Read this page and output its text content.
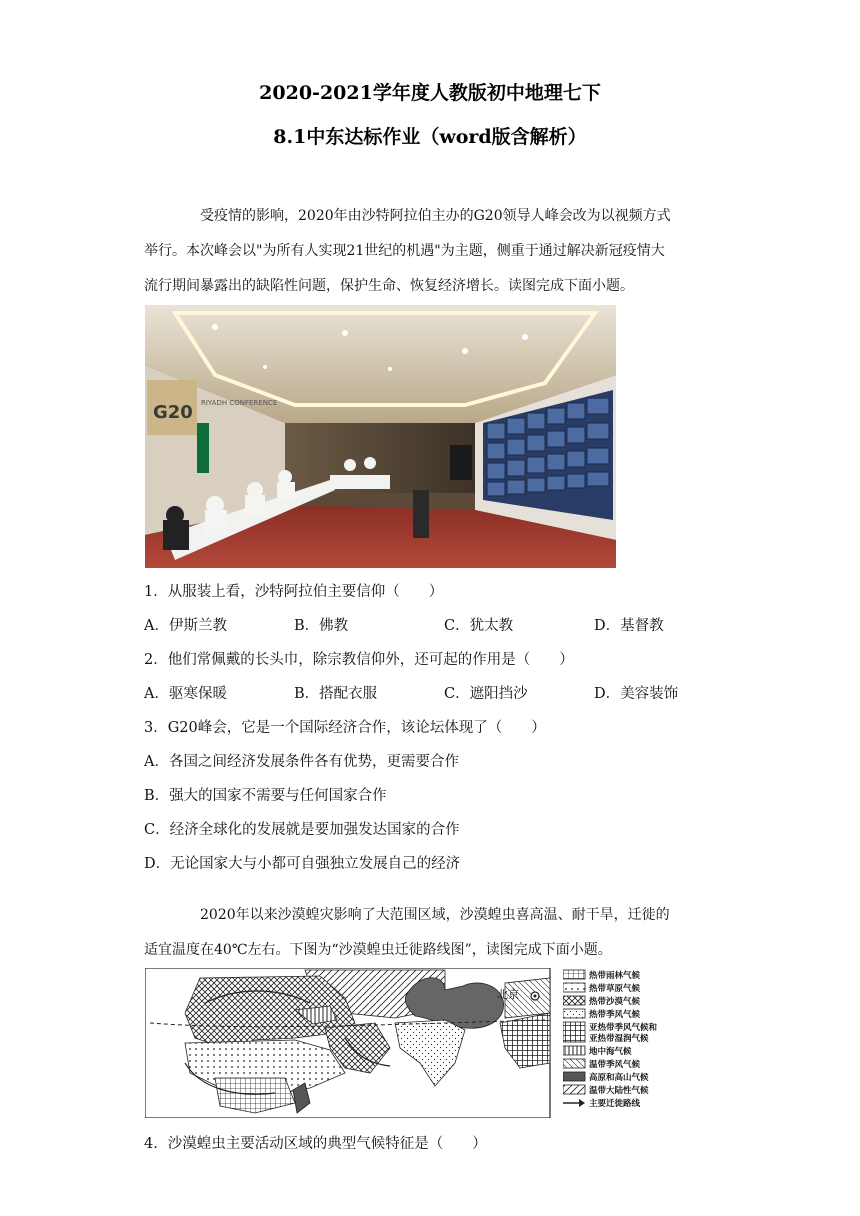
2020-2021学年度人教版初中地理七下
8.1中东达标作业（word版含解析）
受疫情的影响，2020年由沙特阿拉伯主办的G20领导人峰会改为以视频方式
举行。本次峰会以"为所有人实现21世纪的机遇"为主题，侧重于通过解决新冠疫情大
流行期间暴露出的缺陷性问题，保护生命、恢复经济增长。读图完成下面小题。
G20 RIYADH CONFERENCE
1．从服装上看，沙特阿拉伯主要信仰（　　）
A．伊斯兰教	B．佛教	C．犹太教	D．基督教
2．他们常佩戴的长头巾，除宗教信仰外，还可起的作用是（　　）
A．驱寒保暖	B．搭配衣服	C．遮阳挡沙	D．美容装饰
3．G20峰会，它是一个国际经济合作，该论坛体现了（　　）
A．各国之间经济发展条件各有优势，更需要合作
B．强大的国家不需要与任何国家合作
C．经济全球化的发展就是要加强发达国家的合作
D．无论国家大与小都可自强独立发展自己的经济
2020年以来沙漠蝗灾影响了大范围区域，沙漠蝗虫喜高温、耐干旱，迁徙的
适宜温度在40℃左右。下图为“沙漠蝗虫迁徙路线图”，读图完成下面小题。
北京
热带雨林气候
热带草原气候
热带沙漠气候
热带季风气候
亚热带季风气候和
亚热带湿润气候
地中海气候
温带季风气候
高原和高山气候
温带大陆性气候
主要迁徙路线
4．沙漠蝗虫主要活动区域的典型气候特征是（　　）
